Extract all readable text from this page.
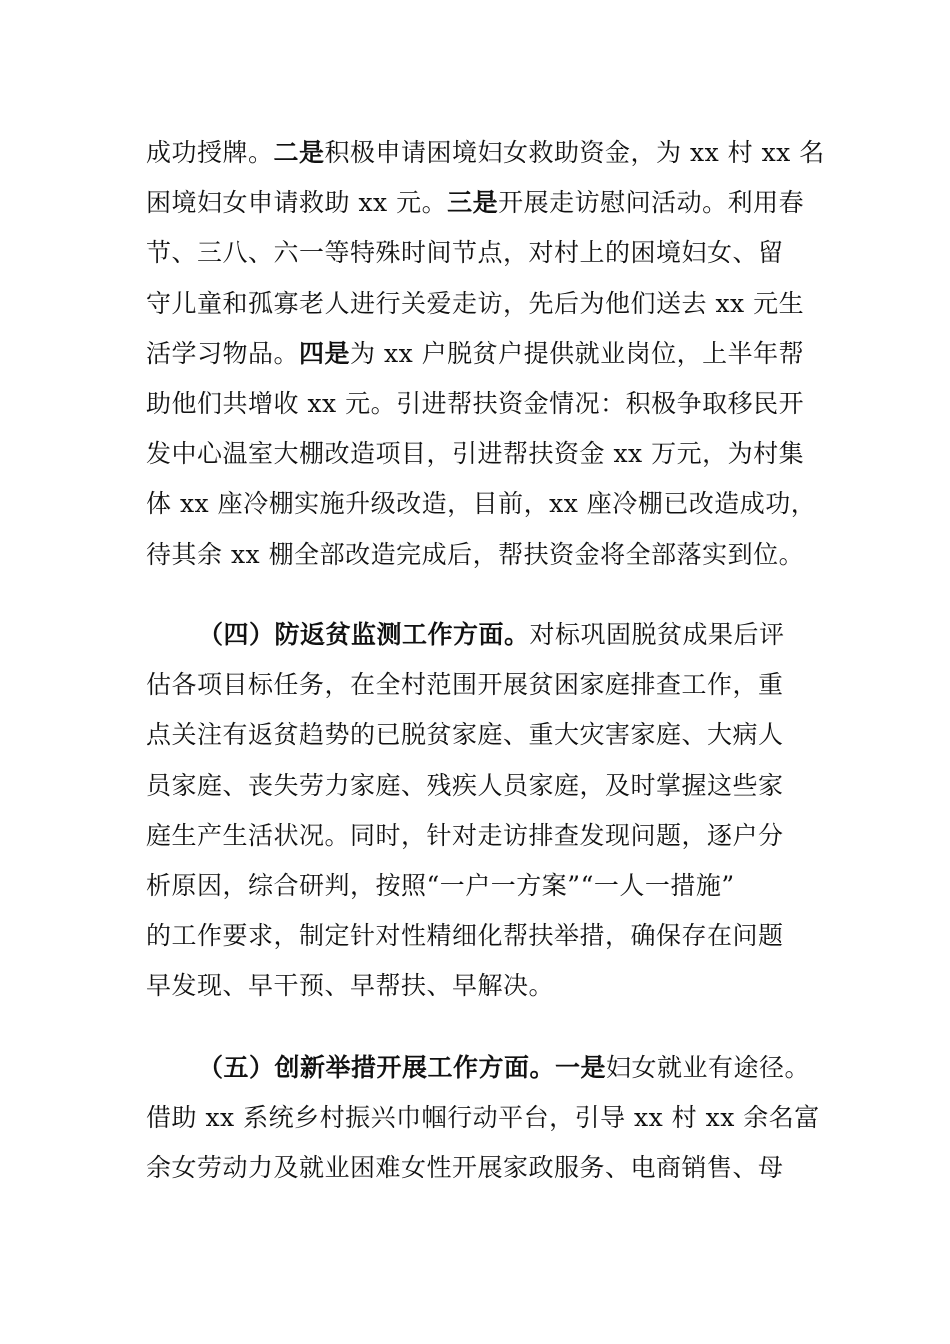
成功授牌。二是积极申请困境妇女救助资金，为 xx 村 xx 名
困境妇女申请救助 xx 元。三是开展走访慰问活动。利用春
节、三八、六一等特殊时间节点，对村上的困境妇女、留
守儿童和孤寡老人进行关爱走访，先后为他们送去 xx 元生
活学习物品。四是为 xx 户脱贫户提供就业岗位，上半年帮
助他们共增收 xx 元。引进帮扶资金情况：积极争取移民开
发中心温室大棚改造项目，引进帮扶资金 xx 万元，为村集
体 xx 座冷棚实施升级改造，目前，xx 座冷棚已改造成功，
待其余 xx 棚全部改造完成后，帮扶资金将全部落实到位。

（四）防返贫监测工作方面。对标巩固脱贫成果后评
估各项目标任务，在全村范围开展贫困家庭排查工作，重
点关注有返贫趋势的已脱贫家庭、重大灾害家庭、大病人
员家庭、丧失劳力家庭、残疾人员家庭，及时掌握这些家
庭生产生活状况。同时，针对走访排查发现问题，逐户分
析原因，综合研判，按照“一户一方案”“一人一措施”
的工作要求，制定针对性精细化帮扶举措，确保存在问题
早发现、早干预、早帮扶、早解决。

（五）创新举措开展工作方面。一是妇女就业有途径。
借助 xx 系统乡村振兴巾帼行动平台，引导 xx 村 xx 余名富
余女劳动力及就业困难女性开展家政服务、电商销售、母
